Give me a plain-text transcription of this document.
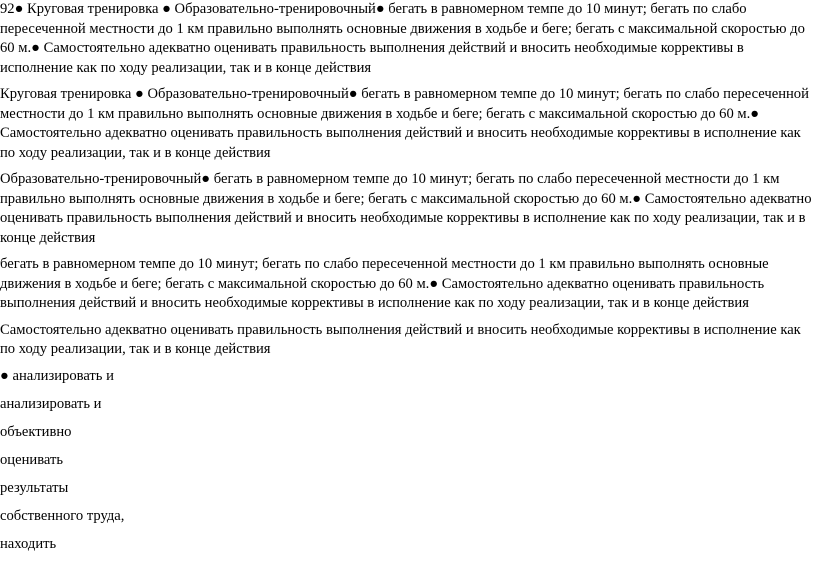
92● Круговая тренировка ● Образовательно-тренировочный● бегать в равномерном темпе до 10 минут; бегать по слабо пересеченной местности до 1 км правильно выполнять основные движения в ходьбе и беге; бегать с максимальной скоростью до 60 м.● Самостоятельно адекватно оценивать правильность выполнения действий и вносить необходимые коррективы в исполнение как по ходу реализации, так и в конце действия

Круговая тренировка ● Образовательно-тренировочный● бегать в равномерном темпе до 10 минут; бегать по слабо пересеченной местности до 1 км правильно выполнять основные движения в ходьбе и беге; бегать с максимальной скоростью до 60 м.● Самостоятельно адекватно оценивать правильность выполнения действий и вносить необходимые коррективы в исполнение как по ходу реализации, так и в конце действия

Образовательно-тренировочный● бегать в равномерном темпе до 10 минут; бегать по слабо пересеченной местности до 1 км правильно выполнять основные движения в ходьбе и беге; бегать с максимальной скоростью до 60 м.● Самостоятельно адекватно оценивать правильность выполнения действий и вносить необходимые коррективы в исполнение как по ходу реализации, так и в конце действия

бегать в равномерном темпе до 10 минут; бегать по слабо пересеченной местности до 1 км правильно выполнять основные движения в ходьбе и беге; бегать с максимальной скоростью до 60 м.● Самостоятельно адекватно оценивать правильность выполнения действий и вносить необходимые коррективы в исполнение как по ходу реализации, так и в конце действия

Самостоятельно адекватно оценивать правильность выполнения действий и вносить необходимые коррективы в исполнение как по ходу реализации, так и в конце действия

● анализировать и

анализировать и

объективно

оценивать

результаты

собственного труда,

находить
